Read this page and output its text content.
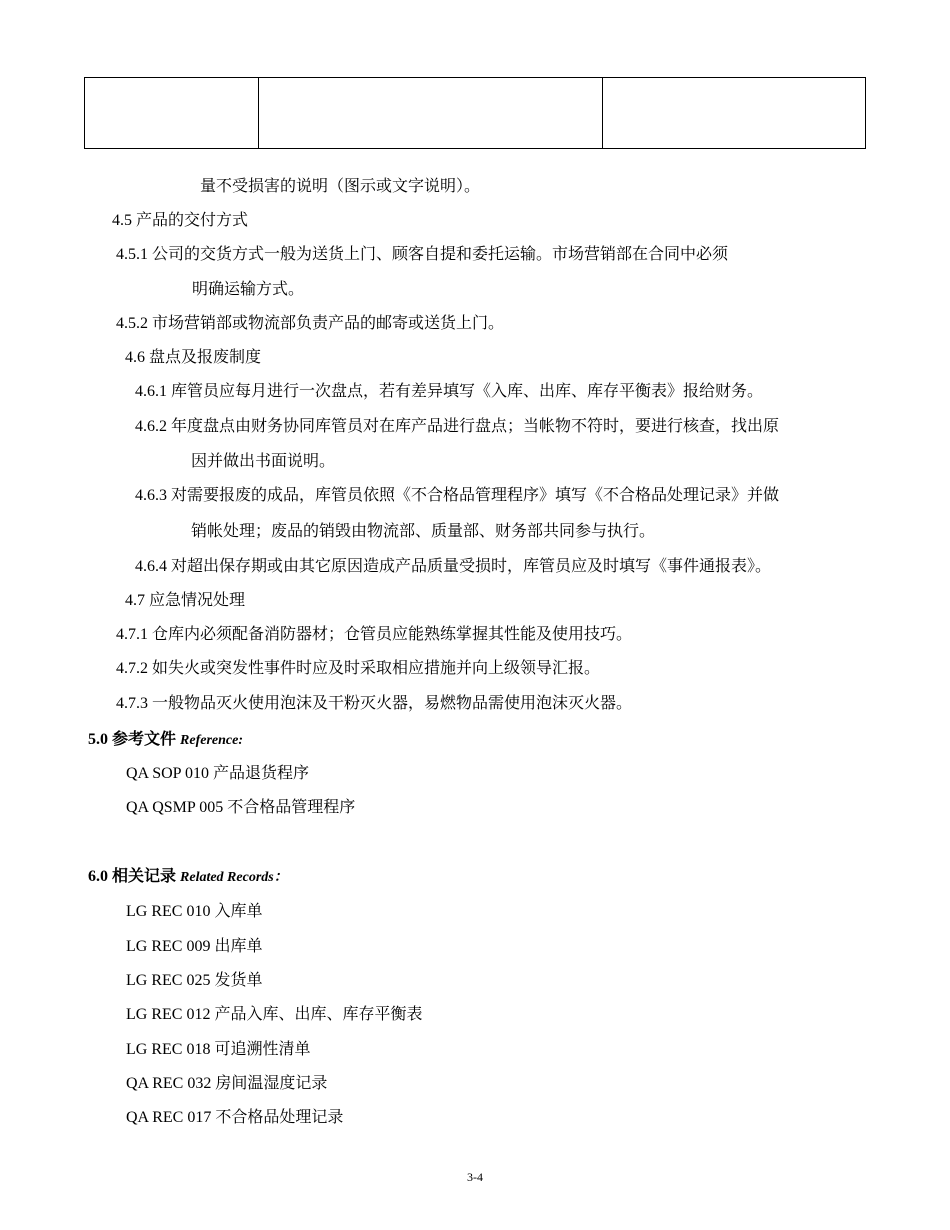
量不受损害的说明（图示或文字说明）。
4.5 产品的交付方式
4.5.1 公司的交货方式一般为送货上门、顾客自提和委托运输。市场营销部在合同中必须
明确运输方式。
4.5.2 市场营销部或物流部负责产品的邮寄或送货上门。
4.6 盘点及报废制度
4.6.1 库管员应每月进行一次盘点，若有差异填写《入库、出库、库存平衡表》报给财务。
4.6.2 年度盘点由财务协同库管员对在库产品进行盘点；当帐物不符时，要进行核查，找出原
因并做出书面说明。
4.6.3 对需要报废的成品，库管员依照《不合格品管理程序》填写《不合格品处理记录》并做
销帐处理；废品的销毁由物流部、质量部、财务部共同参与执行。
4.6.4 对超出保存期或由其它原因造成产品质量受损时，库管员应及时填写《事件通报表》。
4.7 应急情况处理
4.7.1 仓库内必须配备消防器材；仓管员应能熟练掌握其性能及使用技巧。
4.7.2 如失火或突发性事件时应及时采取相应措施并向上级领导汇报。
4.7.3 一般物品灭火使用泡沫及干粉灭火器，易燃物品需使用泡沫灭火器。
5.0 参考文件 Reference:
QA SOP 010 产品退货程序
QA QSMP 005 不合格品管理程序
6.0 相关记录 Related Records：
LG REC 010 入库单
LG REC 009 出库单
LG REC 025 发货单
LG REC 012 产品入库、出库、库存平衡表
LG REC 018 可追溯性清单
QA REC 032 房间温湿度记录
QA REC 017 不合格品处理记录
3-4
